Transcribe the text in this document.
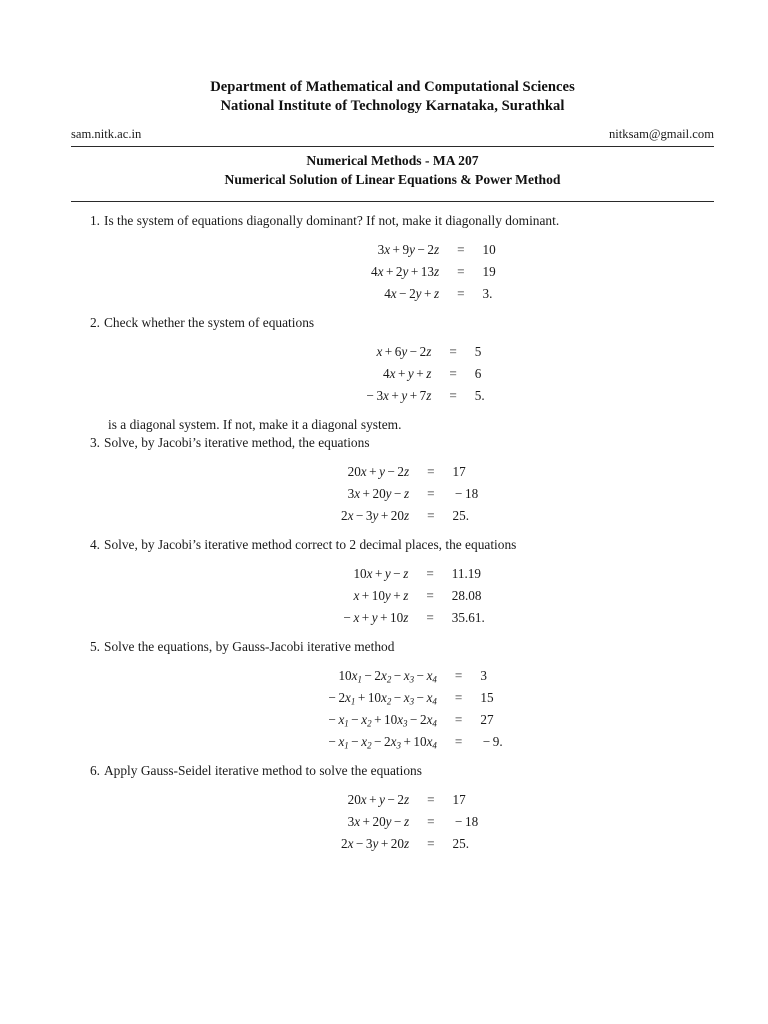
Department of Mathematical and Computational Sciences
National Institute of Technology Karnataka, Surathkal
sam.nitk.ac.in	nitksam@gmail.com
Numerical Methods - MA 207
Numerical Solution of Linear Equations & Power Method
1. Is the system of equations diagonally dominant? If not, make it diagonally dominant.
3x + 9y − 2z	=	10
4x + 2y + 13z	=	19
4x − 2y + z	=	3.
2. Check whether the system of equations
x + 6y − 2z	=	5
4x + y + z	=	6
− 3x + y + 7z	=	5.
is a diagonal system. If not, make it a diagonal system.
3. Solve, by Jacobi’s iterative method, the equations
20x + y − 2z	=	17
3x + 20y − z	=	− 18
2x − 3y + 20z	=	25.
4. Solve, by Jacobi’s iterative method correct to 2 decimal places, the equations
10x + y − z	=	11.19
x + 10y + z	=	28.08
− x + y + 10z	=	35.61.
5. Solve the equations, by Gauss-Jacobi iterative method
$10x_1 - 2x_2 - x_3 - x_4$	=	3
− $2x_1 + 10x_2 - x_3 - x_4$	=	15
− $x_1 - x_2 + 10x_3 - 2x_4$	=	27
− $x_1 - x_2 - 2x_3 + 10x_4$	=	− 9.
6. Apply Gauss-Seidel iterative method to solve the equations
20x + y − 2z	=	17
3x + 20y − z	=	− 18
2x − 3y + 20z	=	25.
